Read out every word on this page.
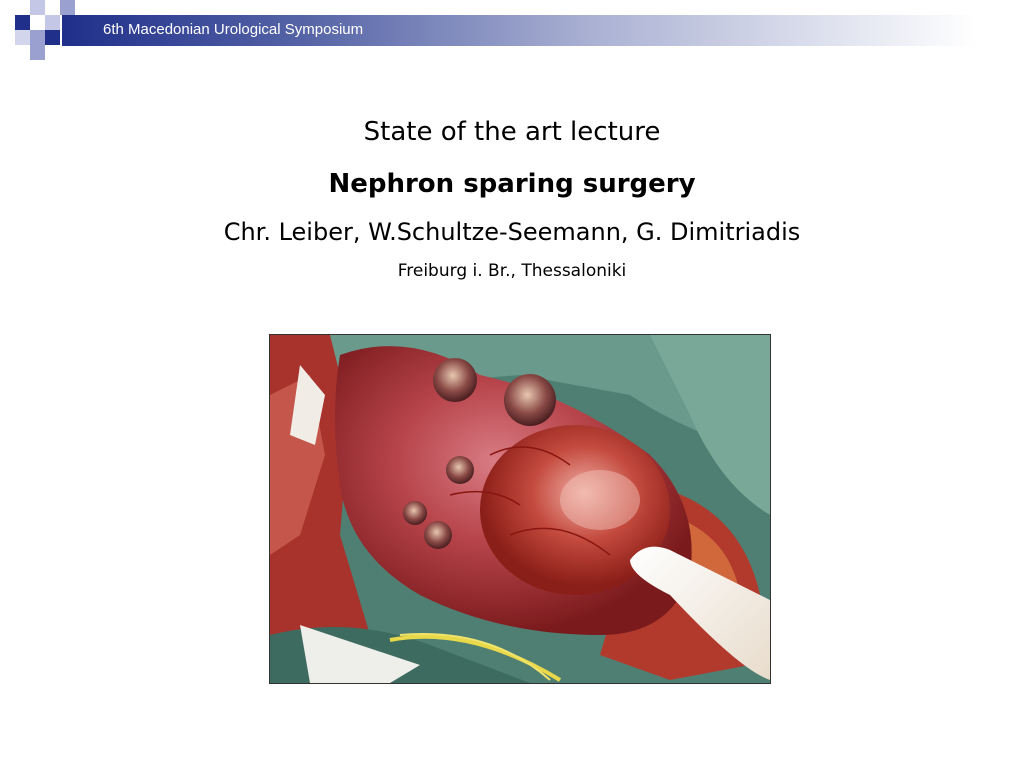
6th Macedonian Urological Symposium
State of the art lecture
Nephron sparing surgery
Chr. Leiber, W.Schultze-Seemann, G. Dimitriadis
Freiburg i. Br., Thessaloniki
